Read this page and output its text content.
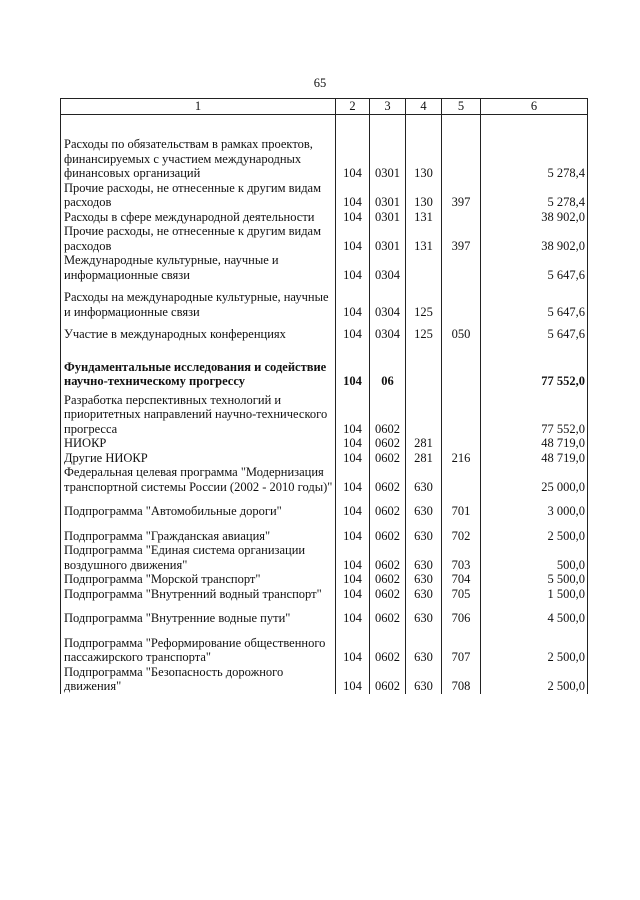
65
1	2	3	4	5	6

Расходы по обязательствам в рамках проектов, финансируемых с участием международных финансовых организаций	104	0301	130		5 278,4
Прочие расходы, не отнесенные к другим видам расходов	104	0301	130	397	5 278,4
Расходы в сфере международной деятельности	104	0301	131		38 902,0
Прочие расходы, не отнесенные к другим видам расходов	104	0301	131	397	38 902,0
Международные культурные, научные и информационные связи	104	0304			5 647,6

Расходы на международные культурные, научные и информационные связи	104	0304	125		5 647,6

Участие в международных конференциях	104	0304	125	050	5 647,6

Фундаментальные исследования и содействие научно-техническому прогрессу	104	06			77 552,0

Разработка перспективных технологий и приоритетных направлений научно-технического прогресса	104	0602			77 552,0
НИОКР	104	0602	281		48 719,0
Другие НИОКР	104	0602	281	216	48 719,0
Федеральная целевая программа "Модернизация транспортной системы России (2002 - 2010 годы)"	104	0602	630		25 000,0

Подпрограмма "Автомобильные дороги"	104	0602	630	701	3 000,0

Подпрограмма "Гражданская авиация"	104	0602	630	702	2 500,0
Подпрограмма "Единая система организации воздушного движения"	104	0602	630	703	500,0
Подпрограмма "Морской транспорт"	104	0602	630	704	5 500,0
Подпрограмма "Внутренний водный транспорт"	104	0602	630	705	1 500,0

Подпрограмма "Внутренние водные пути"	104	0602	630	706	4 500,0

Подпрограмма "Реформирование общественного пассажирского транспорта"	104	0602	630	707	2 500,0
Подпрограмма "Безопасность дорожного движения"	104	0602	630	708	2 500,0
